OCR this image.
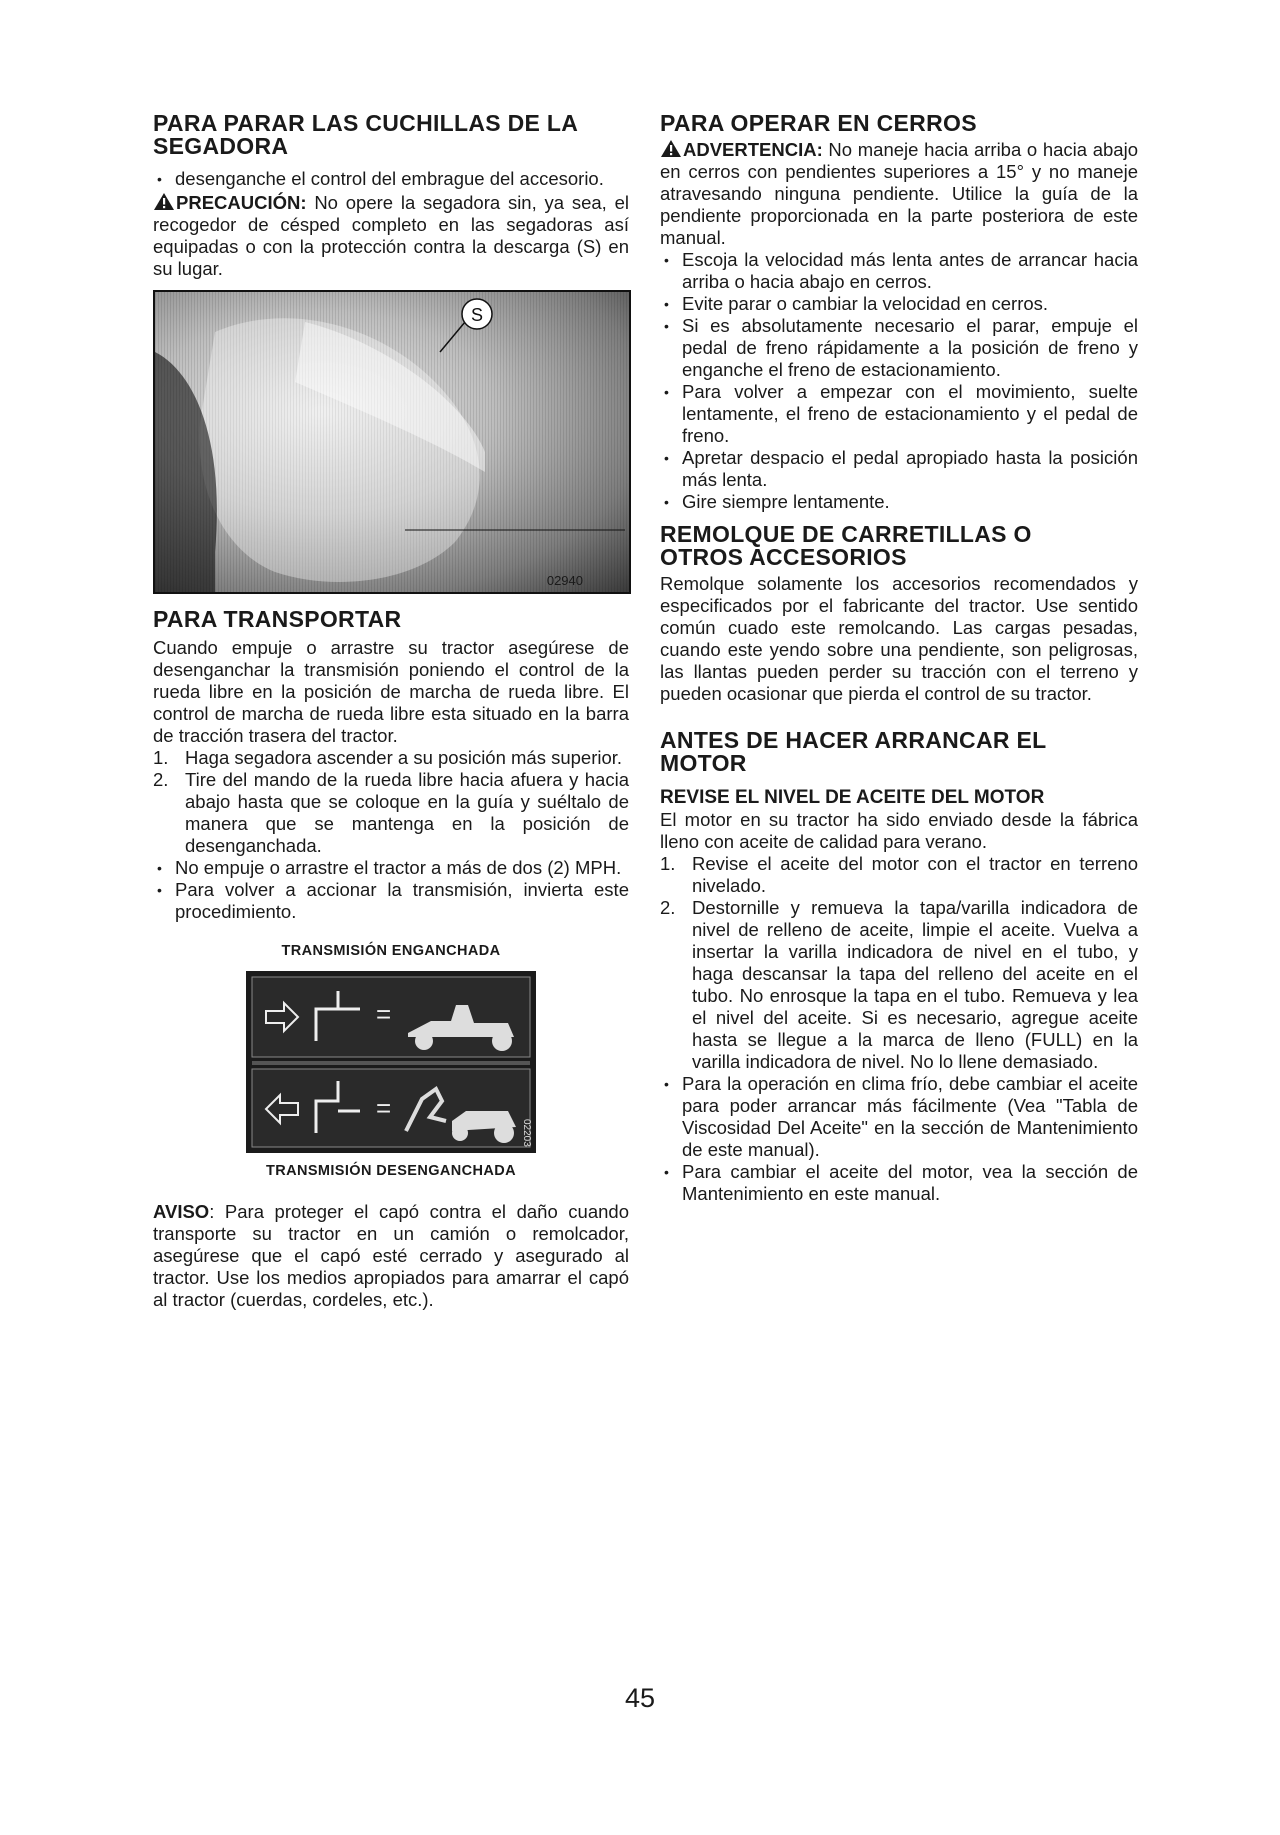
PARA PARAR LAS CUCHILLAS DE LA SEGADORA
• desenganche el control del embrague del accesorio.

PRECAUCIÓN: No opere la segadora sin, ya sea, el recogedor de césped completo en las segadoras así equipadas o con la protección contra la descarga (S) en su lugar.

S
02940
PARA TRANSPORTAR

Cuando empuje o arrastre su tractor asegúrese de desenganchar la transmisión poniendo el control de la rueda libre en la posición de marcha de rueda libre. El control de marcha de rueda libre esta situado en la barra de tracción trasera del tractor.

1. Haga segadora ascender a su posición más superior.
2. Tire del mando de la rueda libre hacia afuera y hacia abajo hasta que se coloque en la guía y suéltalo de manera que se mantenga en la posición de desenganchada.
• No empuje o arrastre el tractor a más de dos (2) MPH.
• Para volver a accionar la transmisión, invierta este procedimiento.
TRANSMISIÓN ENGANCHADA
=
=
02203
TRANSMISIÓN DESENGANCHADA

AVISO: Para proteger el capó contra el daño cuando transporte su tractor en un camión o remolcador, asegúrese que el capó esté cerrado y asegurado al tractor. Use los medios apropiados para amarrar el capó al tractor (cuerdas, cordeles, etc.).

PARA OPERAR EN CERROS

ADVERTENCIA: No maneje hacia arriba o hacia abajo en cerros con pendientes superiores a 15° y no maneje atravesando ninguna pendiente. Utilice la guía de la pendiente proporcionada en la parte posteriora de este manual.

• Escoja la velocidad más lenta antes de arrancar hacia arriba o hacia abajo en cerros.
• Evite parar o cambiar la velocidad en cerros.
• Si es absolutamente necesario el parar, empuje el pedal de freno rápidamente a la posición de freno y enganche el freno de estacionamiento.
• Para volver a empezar con el movimiento, suelte lentamente, el freno de estacionamiento y el pedal de freno.
• Apretar despacio el pedal apropiado hasta la posición más lenta.
• Gire siempre lentamente.
REMOLQUE DE CARRETILLAS O OTROS ACCESORIOS

Remolque solamente los accesorios recomendados y especificados por el fabricante del tractor. Use sentido común cuado este remolcando. Las cargas pesadas, cuando este yendo sobre una pendiente, son peligrosas, las llantas pueden perder su tracción con el terreno y pueden ocasionar que pierda el control de su tractor.

ANTES DE HACER ARRANCAR EL MOTOR
REVISE EL NIVEL DE ACEITE DEL MOTOR

El motor en su tractor ha sido enviado desde la fábrica lleno con aceite de calidad para verano.

1. Revise el aceite del motor con el tractor en terreno nivelado.
2. Destornille y remueva la tapa/varilla indicadora de nivel de relleno de aceite, limpie el aceite. Vuelva a insertar la varilla indicadora de nivel en el tubo, y haga descansar la tapa del relleno del aceite en el tubo. No enrosque la tapa en el tubo. Remueva y lea el nivel del aceite. Si es necesario, agregue aceite hasta se llegue a la marca de lleno (FULL) en la varilla indicadora de nivel. No lo llene demasiado.
• Para la operación en clima frío, debe cambiar el aceite para poder arrancar más fácilmente (Vea "Tabla de Viscosidad Del Aceite" en la sección de Mantenimiento de este manual).
• Para cambiar el aceite del motor, vea la sección de Mantenimiento en este manual.
45
